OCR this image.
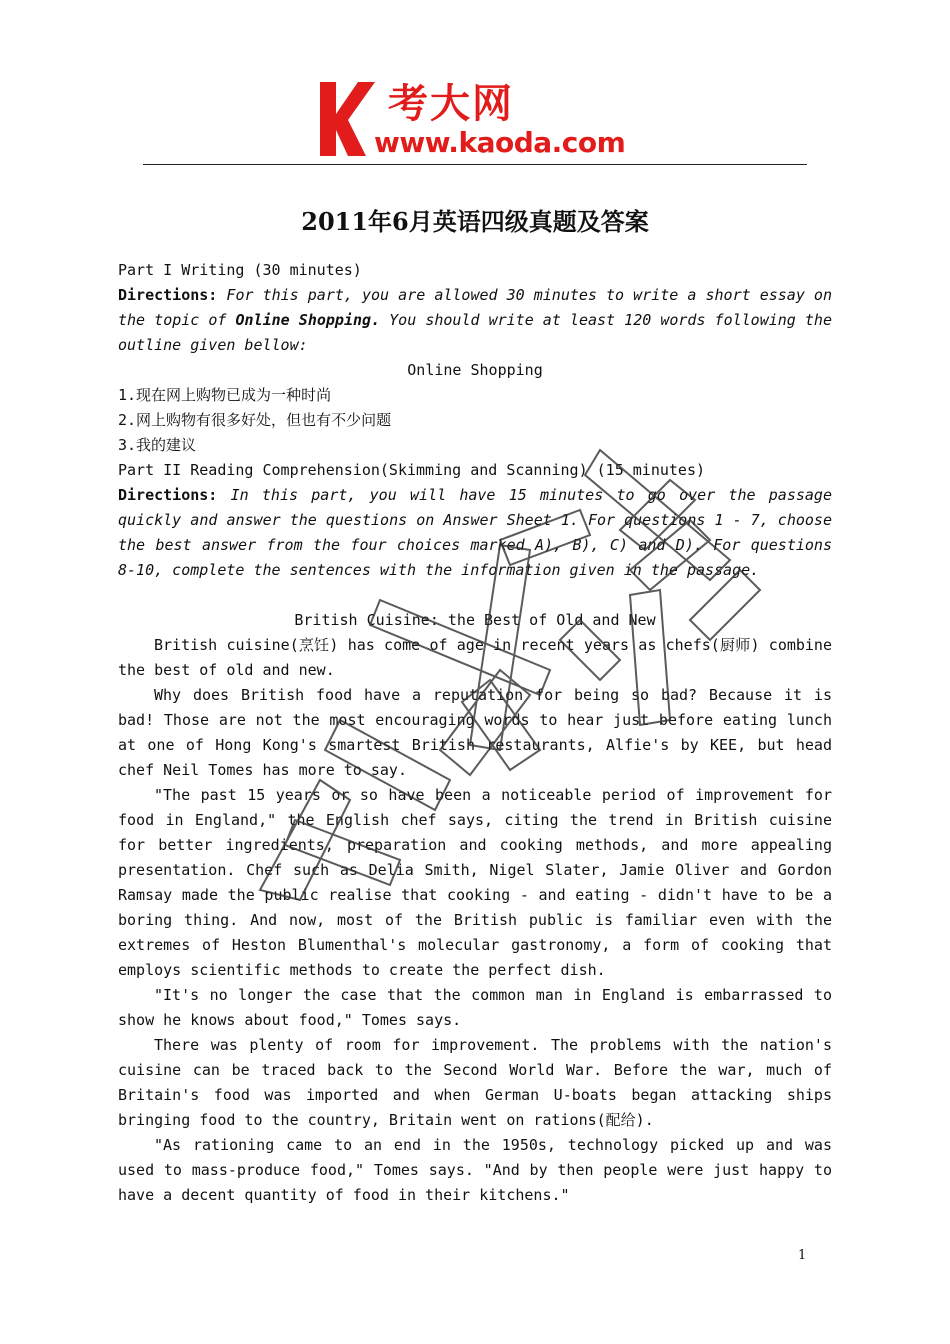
考大网
www.kaoda.com
2011年6月英语四级真题及答案

Part I Writing (30 minutes)

Directions: For this part, you are allowed 30 minutes to write a short essay on the topic of Online Shopping. You should write at least 120 words following the outline given bellow:

Online Shopping

1.现在网上购物已成为一种时尚

2.网上购物有很多好处，但也有不少问题

3.我的建议

Part II Reading Comprehension(Skimming and Scanning) (15 minutes)

Directions: In this part, you will have 15 minutes to go over the passage quickly and answer the questions on Answer Sheet 1. For questions 1 - 7, choose the best answer from the four choices marked A), B), C) and D). For questions 8-10, complete the sentences with the information given in the passage.

British Cuisine: the Best of Old and New

British cuisine(烹饪) has come of age in recent years as chefs(厨师) combine the best of old and new.

Why does British food have a reputation for being so bad? Because it is bad! Those are not the most encouraging words to hear just before eating lunch at one of Hong Kong's smartest British restaurants, Alfie's by KEE, but head chef Neil Tomes has more to say.

"The past 15 years or so have been a noticeable period of improvement for food in England," the English chef says, citing the trend in British cuisine for better ingredients, preparation and cooking methods, and more appealing presentation. Chef such as Delia Smith, Nigel Slater, Jamie Oliver and Gordon Ramsay made the public realise that cooking - and eating - didn't have to be a boring thing. And now, most of the British public is familiar even with the extremes of Heston Blumenthal's molecular gastronomy, a form of cooking that employs scientific methods to create the perfect dish.

"It's no longer the case that the common man in England is embarrassed to show he knows about food," Tomes says.

There was plenty of room for improvement. The problems with the nation's cuisine can be traced back to the Second World War. Before the war, much of Britain's food was imported and when German U-boats began attacking ships bringing food to the country, Britain went on rations(配给).

"As rationing came to an end in the 1950s, technology picked up and was used to mass-produce food," Tomes says. "And by then people were just happy to have a decent quantity of food in their kitchens."

1
